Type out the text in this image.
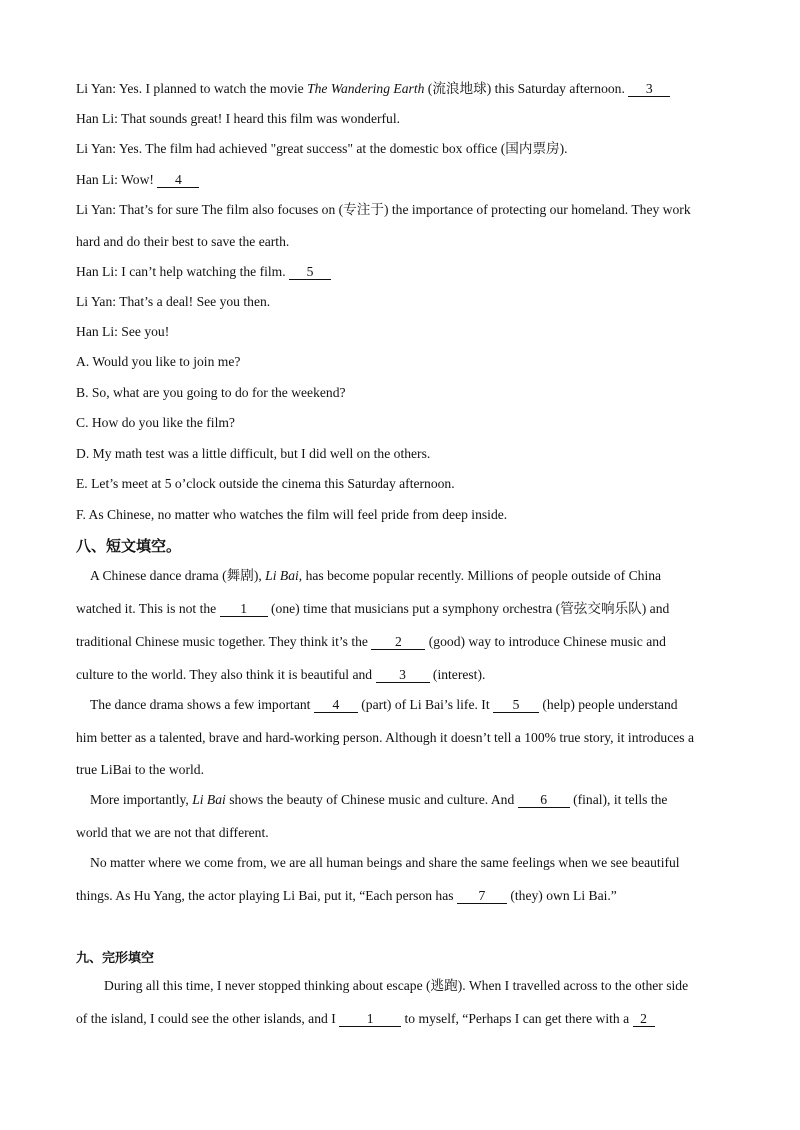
Li Yan: Yes. I planned to watch the movie The Wandering Earth (流浪地球) this Saturday afternoon. 3
Han Li: That sounds great! I heard this film was wonderful.
Li Yan: Yes. The film had achieved "great success" at the domestic box office (国内票房).
Han Li: Wow! 4
Li Yan: That’s for sure The film also focuses on (专注于) the importance of protecting our homeland. They work
hard and do their best to save the earth.
Han Li: I can’t help watching the film. 5
Li Yan: That’s a deal! See you then.
Han Li: See you!
A. Would you like to join me?
B. So, what are you going to do for the weekend?
C. How do you like the film?
D. My math test was a little difficult, but I did well on the others.
E. Let’s meet at 5 o’clock outside the cinema this Saturday afternoon.
F. As Chinese, no matter who watches the film will feel pride from deep inside.
八、短文填空。
A Chinese dance drama (舞剧), Li Bai, has become popular recently. Millions of people outside of China
watched it. This is not the 1 (one) time that musicians put a symphony orchestra (管弦交响乐队) and
traditional Chinese music together. They think it’s the 2 (good) way to introduce Chinese music and
culture to the world. They also think it is beautiful and 3 (interest).
The dance drama shows a few important 4 (part) of Li Bai’s life. It 5 (help) people understand
him better as a talented, brave and hard-working person. Although it doesn’t tell a 100% true story, it introduces a
true LiBai to the world.
More importantly, Li Bai shows the beauty of Chinese music and culture. And 6 (final), it tells the
world that we are not that different.
No matter where we come from, we are all human beings and share the same feelings when we see beautiful
things. As Hu Yang, the actor playing Li Bai, put it, “Each person has 7 (they) own Li Bai.”
九、完形填空
During all this time, I never stopped thinking about escape (逃跑). When I travelled across to the other side
of the island, I could see the other islands, and I 1 to myself, “Perhaps I can get there with a 2
